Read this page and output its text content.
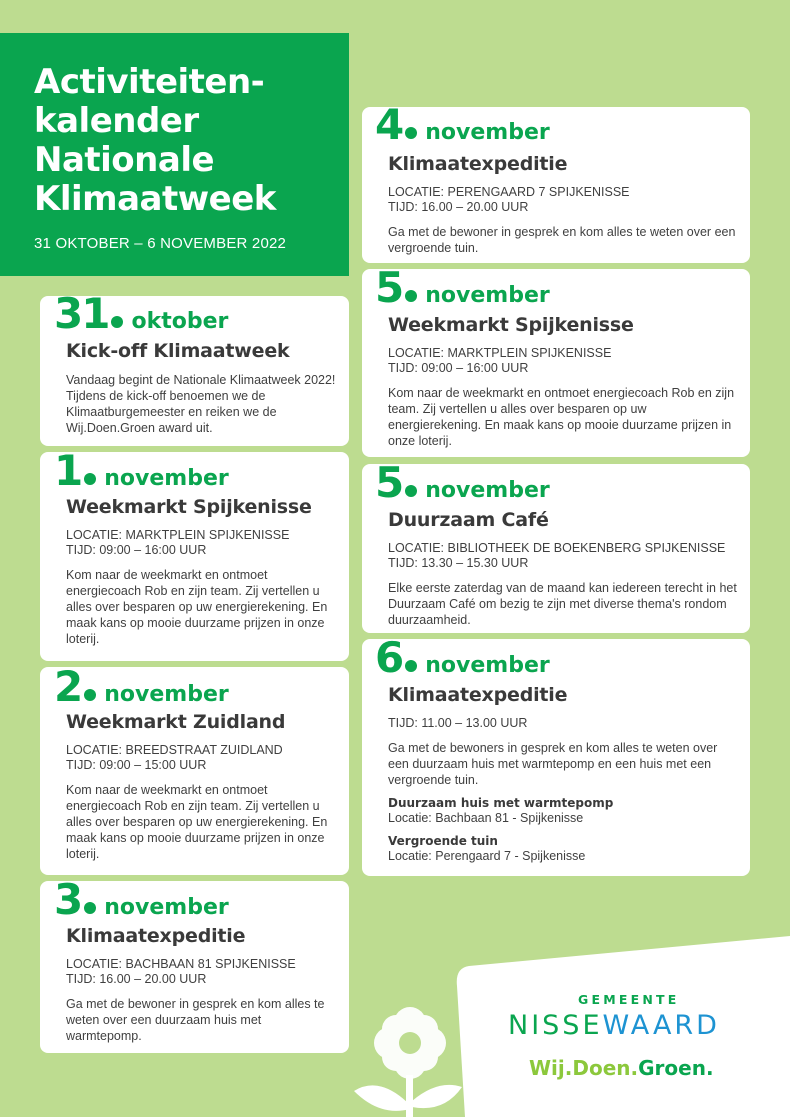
Activiteiten-
kalender
Nationale
Klimaatweek
31 OKTOBER – 6 NOVEMBER 2022
31 oktober
Kick-off Klimaatweek
Vandaag begint de Nationale Klimaatweek 2022! Tijdens de kick-off benoemen we de Klimaatburgemeester en reiken we de Wij.Doen.Groen award uit.
1 november
Weekmarkt Spijkenisse
LOCATIE: MARKTPLEIN SPIJKENISSE
TIJD: 09:00 – 16:00 UUR
Kom naar de weekmarkt en ontmoet energiecoach Rob en zijn team. Zij vertellen u alles over besparen op uw energierekening. En maak kans op mooie duurzame prijzen in onze loterij.
2 november
Weekmarkt Zuidland
LOCATIE: BREEDSTRAAT ZUIDLAND
TIJD: 09:00 – 15:00 UUR
Kom naar de weekmarkt en ontmoet energiecoach Rob en zijn team. Zij vertellen u alles over besparen op uw energierekening. En maak kans op mooie duurzame prijzen in onze loterij.
3 november
Klimaatexpeditie
LOCATIE: BACHBAAN 81 SPIJKENISSE
TIJD: 16.00 – 20.00 UUR
Ga met de bewoner in gesprek en kom alles te weten over een duurzaam huis met warmtepomp.
4 november
Klimaatexpeditie
LOCATIE: PERENGAARD 7 SPIJKENISSE
TIJD: 16.00 – 20.00 UUR
Ga met de bewoner in gesprek en kom alles te weten over een vergroende tuin.
5 november
Weekmarkt Spijkenisse
LOCATIE: MARKTPLEIN SPIJKENISSE
TIJD: 09:00 – 16:00 UUR
Kom naar de weekmarkt en ontmoet energiecoach Rob en zijn team. Zij vertellen u alles over besparen op uw energierekening. En maak kans op mooie duurzame prijzen in onze loterij.
5 november
Duurzaam Café
LOCATIE: BIBLIOTHEEK DE BOEKENBERG SPIJKENISSE
TIJD: 13.30 – 15.30 UUR
Elke eerste zaterdag van de maand kan iedereen terecht in het Duurzaam Café om bezig te zijn met diverse thema's rondom duurzaamheid.
6 november
Klimaatexpeditie
TIJD: 11.00 – 13.00 UUR
Ga met de bewoners in gesprek en kom alles te weten over een duurzaam huis met warmtepomp en een huis met een vergroende tuin.
Duurzaam huis met warmtepomp
Locatie: Bachbaan 81 - Spijkenisse
Vergroende tuin
Locatie: Perengaard 7 - Spijkenisse
GEMEENTE
NISSEWAARD
Wij.Doen.Groen.
